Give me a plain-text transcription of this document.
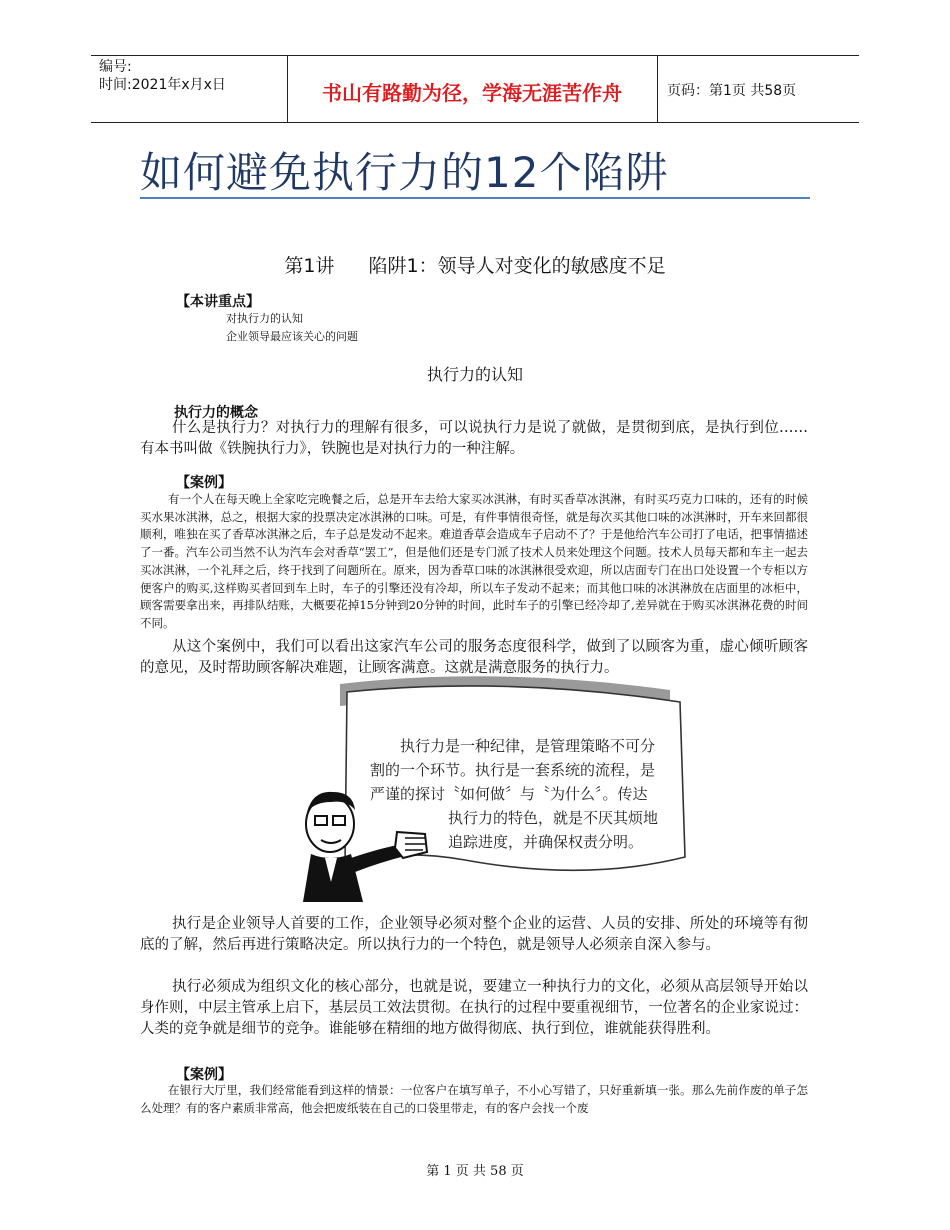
编号:
时间:2021年x月x日	书山有路勤为径，学海无涯苦作舟	页码：第1页 共58页
如何避免执行力的12个陷阱
第1讲 陷阱1：领导人对变化的敏感度不足
【本讲重点】
对执行力的认知
企业领导最应该关心的问题
执行力的认知
执行力的概念
什么是执行力？对执行力的理解有很多，可以说执行力是说了就做，是贯彻到底，是执行到位……有本书叫做《铁腕执行力》，铁腕也是对执行力的一种注解。
【案例】
有一个人在每天晚上全家吃完晚餐之后，总是开车去给大家买冰淇淋，有时买香草冰淇淋，有时买巧克力口味的，还有的时候买水果冰淇淋，总之，根据大家的投票决定冰淇淋的口味。可是，有件事情很奇怪，就是每次买其他口味的冰淇淋时，开车来回都很顺利，唯独在买了香草冰淇淋之后，车子总是发动不起来。难道香草会造成车子启动不了？于是他给汽车公司打了电话，把事情描述了一番。汽车公司当然不认为汽车会对香草“罢工”，但是他们还是专门派了技术人员来处理这个问题。技术人员每天都和车主一起去买冰淇淋，一个礼拜之后，终于找到了问题所在。原来，因为香草口味的冰淇淋很受欢迎，所以店面专门在出口处设置一个专柜以方便客户的购买,这样购买者回到车上时，车子的引擎还没有冷却，所以车子发动不起来；而其他口味的冰淇淋放在店面里的冰柜中，顾客需要拿出来，再排队结账，大概要花掉15分钟到20分钟的时间，此时车子的引擎已经冷却了,差异就在于购买冰淇淋花费的时间不同。
从这个案例中，我们可以看出这家汽车公司的服务态度很科学，做到了以顾客为重，虚心倾听顾客的意见，及时帮助顾客解决难题，让顾客满意。这就是满意服务的执行力。
执行力是一种纪律，是管理策略不可分
割的一个环节。执行是一套系统的流程，是
严谨的探讨〝如何做〞与〝为什么〞。传达
执行力的特色，就是不厌其烦地
追踪进度，并确保权责分明。
执行是企业领导人首要的工作，企业领导必须对整个企业的运营、人员的安排、所处的环境等有彻底的了解，然后再进行策略决定。所以执行力的一个特色，就是领导人必须亲自深入参与。
执行必须成为组织文化的核心部分，也就是说，要建立一种执行力的文化，必须从高层领导开始以身作则，中层主管承上启下，基层员工效法贯彻。在执行的过程中要重视细节，一位著名的企业家说过：人类的竞争就是细节的竞争。谁能够在精细的地方做得彻底、执行到位，谁就能获得胜利。
【案例】
在银行大厅里，我们经常能看到这样的情景：一位客户在填写单子，不小心写错了，只好重新填一张。那么先前作废的单子怎么处理？有的客户素质非常高，他会把废纸装在自己的口袋里带走，有的客户会找一个废
第 1 页 共 58 页
